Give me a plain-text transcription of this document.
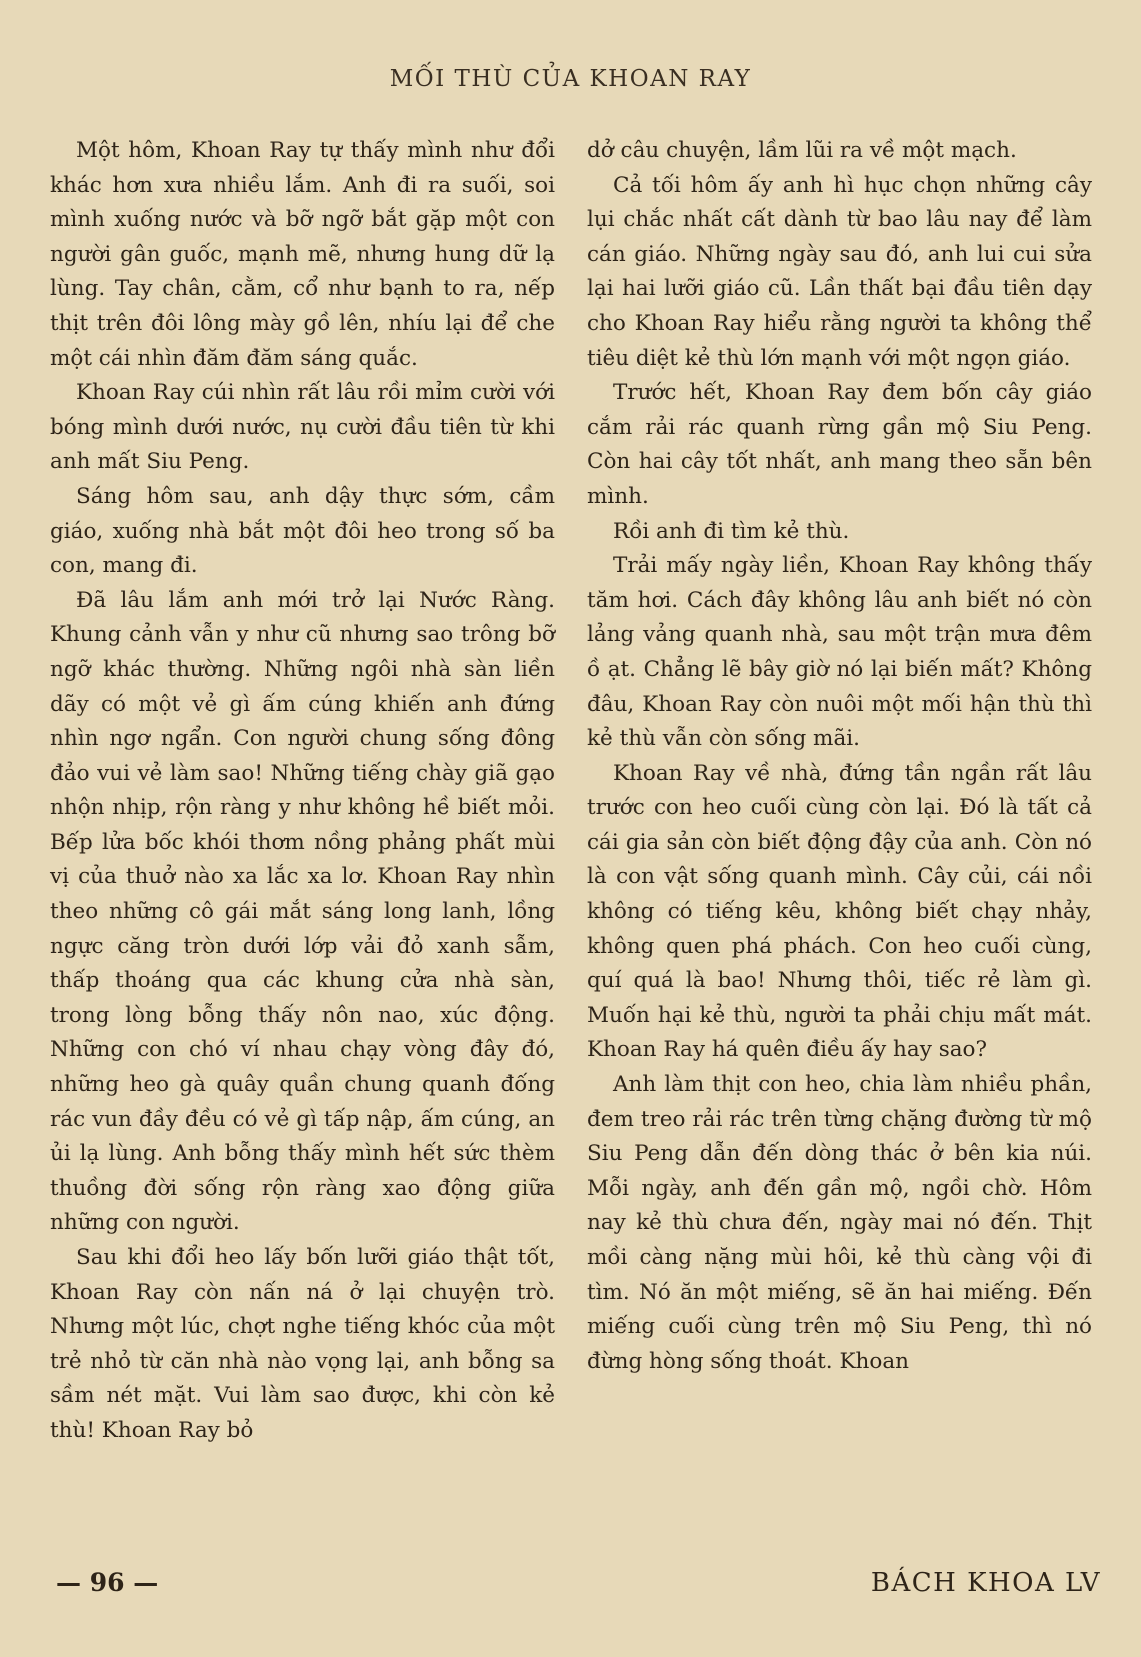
MỐI THÙ CỦA KHOAN RAY

Một hôm, Khoan Ray tự thấy mình như đổi khác hơn xưa nhiều lắm. Anh đi ra suối, soi mình xuống nước và bỡ ngỡ bắt gặp một con người gân guốc, mạnh mẽ, nhưng hung dữ lạ lùng. Tay chân, cằm, cổ như bạnh to ra, nếp thịt trên đôi lông mày gồ lên, nhíu lại để che một cái nhìn đăm đăm sáng quắc.

Khoan Ray cúi nhìn rất lâu rồi mỉm cười với bóng mình dưới nước, nụ cười đầu tiên từ khi anh mất Siu Peng.

Sáng hôm sau, anh dậy thực sớm, cầm giáo, xuống nhà bắt một đôi heo trong số ba con, mang đi.

Đã lâu lắm anh mới trở lại Nước Ràng. Khung cảnh vẫn y như cũ nhưng sao trông bỡ ngỡ khác thường. Những ngôi nhà sàn liền dãy có một vẻ gì ấm cúng khiến anh đứng nhìn ngơ ngẩn. Con người chung sống đông đảo vui vẻ làm sao! Những tiếng chày giã gạo nhộn nhịp, rộn ràng y như không hề biết mỏi. Bếp lửa bốc khói thơm nồng phảng phất mùi vị của thuở nào xa lắc xa lơ. Khoan Ray nhìn theo những cô gái mắt sáng long lanh, lồng ngực căng tròn dưới lớp vải đỏ xanh sẫm, thấp thoáng qua các khung cửa nhà sàn, trong lòng bỗng thấy nôn nao, xúc động. Những con chó ví nhau chạy vòng đây đó, những heo gà quây quần chung quanh đống rác vun đầy đều có vẻ gì tấp nập, ấm cúng, an ủi lạ lùng. Anh bỗng thấy mình hết sức thèm thuồng đời sống rộn ràng xao động giữa những con người.

Sau khi đổi heo lấy bốn lưỡi giáo thật tốt, Khoan Ray còn nấn ná ở lại chuyện trò. Nhưng một lúc, chợt nghe tiếng khóc của một trẻ nhỏ từ căn nhà nào vọng lại, anh bỗng sa sầm nét mặt. Vui làm sao được, khi còn kẻ thù! Khoan Ray bỏ

dở câu chuyện, lầm lũi ra về một mạch.

Cả tối hôm ấy anh hì hục chọn những cây lụi chắc nhất cất dành từ bao lâu nay để làm cán giáo. Những ngày sau đó, anh lui cui sửa lại hai lưỡi giáo cũ. Lần thất bại đầu tiên dạy cho Khoan Ray hiểu rằng người ta không thể tiêu diệt kẻ thù lớn mạnh với một ngọn giáo.

Trước hết, Khoan Ray đem bốn cây giáo cắm rải rác quanh rừng gần mộ Siu Peng. Còn hai cây tốt nhất, anh mang theo sẵn bên mình.

Rồi anh đi tìm kẻ thù.

Trải mấy ngày liền, Khoan Ray không thấy tăm hơi. Cách đây không lâu anh biết nó còn lảng vảng quanh nhà, sau một trận mưa đêm ồ ạt. Chẳng lẽ bây giờ nó lại biến mất? Không đâu, Khoan Ray còn nuôi một mối hận thù thì kẻ thù vẫn còn sống mãi.

Khoan Ray về nhà, đứng tần ngần rất lâu trước con heo cuối cùng còn lại. Đó là tất cả cái gia sản còn biết động đậy của anh. Còn nó là con vật sống quanh mình. Cây củi, cái nồi không có tiếng kêu, không biết chạy nhảy, không quen phá phách. Con heo cuối cùng, quí quá là bao! Nhưng thôi, tiếc rẻ làm gì. Muốn hại kẻ thù, người ta phải chịu mất mát. Khoan Ray há quên điều ấy hay sao?

Anh làm thịt con heo, chia làm nhiều phần, đem treo rải rác trên từng chặng đường từ mộ Siu Peng dẫn đến dòng thác ở bên kia núi. Mỗi ngày, anh đến gần mộ, ngồi chờ. Hôm nay kẻ thù chưa đến, ngày mai nó đến. Thịt mồi càng nặng mùi hôi, kẻ thù càng vội đi tìm. Nó ăn một miếng, sẽ ăn hai miếng. Đến miếng cuối cùng trên mộ Siu Peng, thì nó đừng hòng sống thoát. Khoan

— 96 —	BÁCH KHOA LV
